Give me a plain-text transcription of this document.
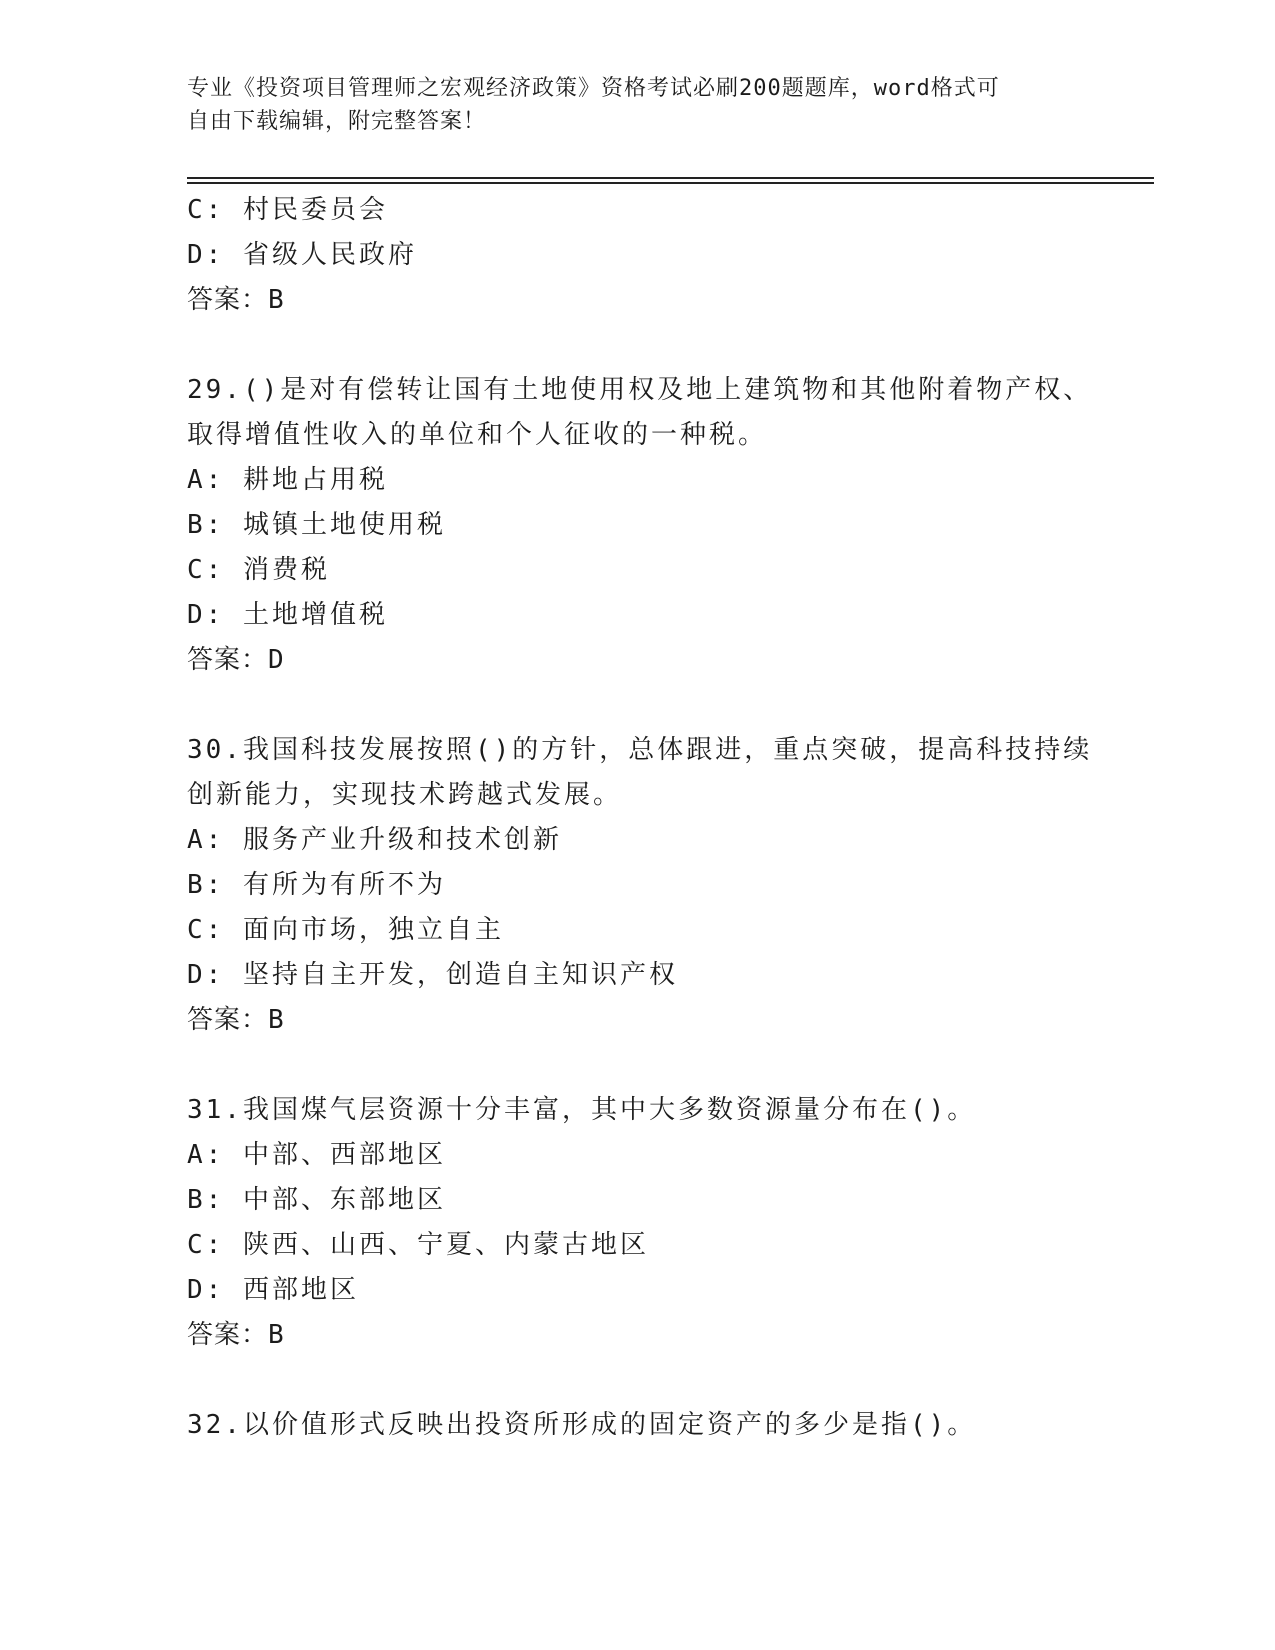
专业《投资项目管理师之宏观经济政策》资格考试必刷200题题库，word格式可
自由下载编辑，附完整答案！
C: 村民委员会
D: 省级人民政府
答案：B
29.()是对有偿转让国有土地使用权及地上建筑物和其他附着物产权、
取得增值性收入的单位和个人征收的一种税。
A: 耕地占用税
B: 城镇土地使用税
C: 消费税
D: 土地增值税
答案：D
30.我国科技发展按照()的方针，总体跟进，重点突破，提高科技持续
创新能力，实现技术跨越式发展。
A: 服务产业升级和技术创新
B: 有所为有所不为
C: 面向市场，独立自主
D: 坚持自主开发，创造自主知识产权
答案：B
31.我国煤气层资源十分丰富，其中大多数资源量分布在()。
A: 中部、西部地区
B: 中部、东部地区
C: 陕西、山西、宁夏、内蒙古地区
D: 西部地区
答案：B
32.以价值形式反映出投资所形成的固定资产的多少是指()。
